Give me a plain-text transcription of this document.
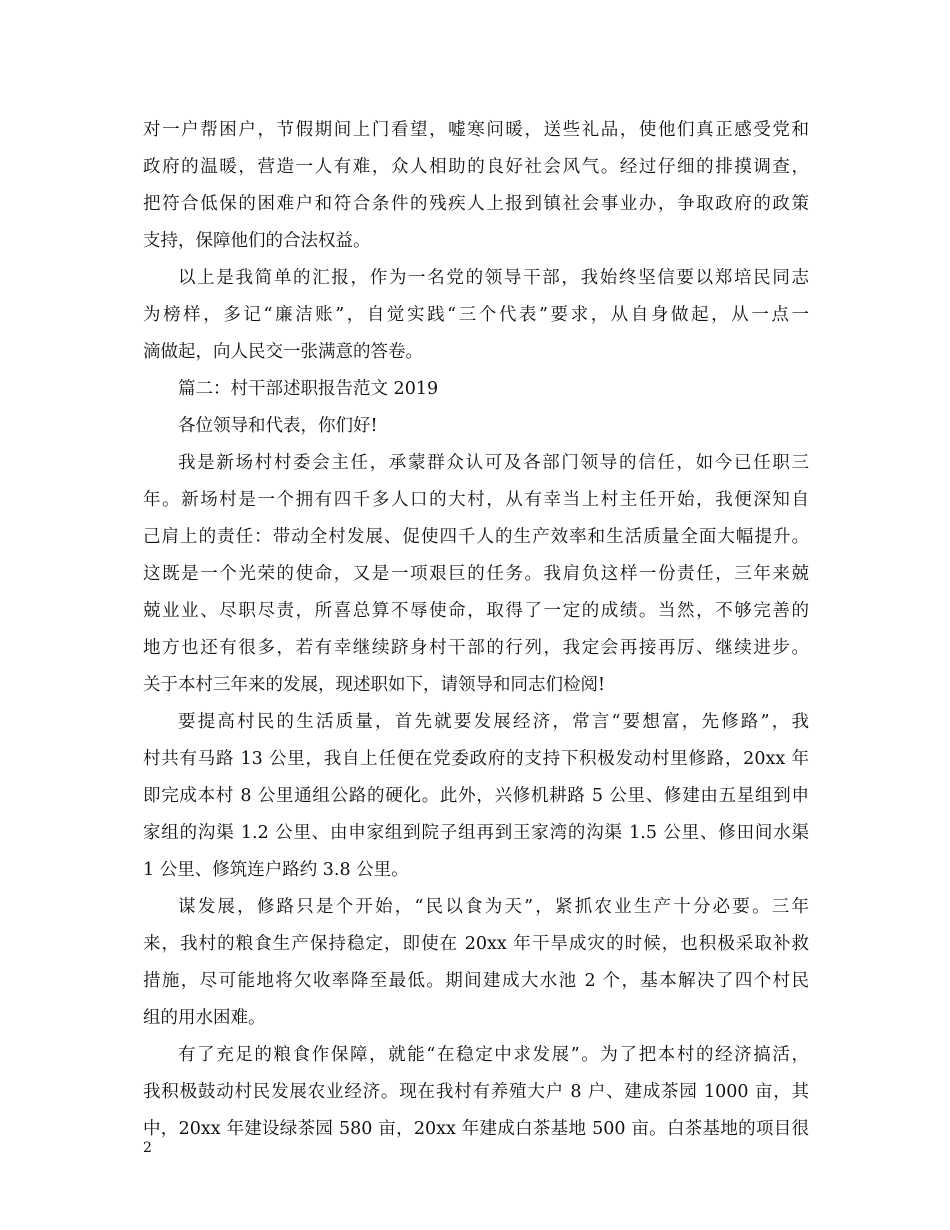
对一户帮困户，节假期间上门看望，嘘寒问暖，送些礼品，使他们真正感受党和
政府的温暖，营造一人有难，众人相助的良好社会风气。经过仔细的排摸调查，
把符合低保的困难户和符合条件的残疾人上报到镇社会事业办，争取政府的政策
支持，保障他们的合法权益。
以上是我简单的汇报，作为一名党的领导干部，我始终坚信要以郑培民同志
为榜样，多记“廉洁账”，自觉实践“三个代表”要求，从自身做起，从一点一
滴做起，向人民交一张满意的答卷。
篇二：村干部述职报告范文 2019
各位领导和代表，你们好!
我是新场村村委会主任，承蒙群众认可及各部门领导的信任，如今已任职三
年。新场村是一个拥有四千多人口的大村，从有幸当上村主任开始，我便深知自
己肩上的责任：带动全村发展、促使四千人的生产效率和生活质量全面大幅提升。
这既是一个光荣的使命，又是一项艰巨的任务。我肩负这样一份责任，三年来兢
兢业业、尽职尽责，所喜总算不辱使命，取得了一定的成绩。当然，不够完善的
地方也还有很多，若有幸继续跻身村干部的行列，我定会再接再厉、继续进步。
关于本村三年来的发展，现述职如下，请领导和同志们检阅!
要提高村民的生活质量，首先就要发展经济，常言“要想富，先修路”，我
村共有马路 13 公里，我自上任便在党委政府的支持下积极发动村里修路，20xx 年
即完成本村 8 公里通组公路的硬化。此外，兴修机耕路 5 公里、修建由五星组到申
家组的沟渠 1.2 公里、由申家组到院子组再到王家湾的沟渠 1.5 公里、修田间水渠
1 公里、修筑连户路约 3.8 公里。
谋发展，修路只是个开始，“民以食为天”，紧抓农业生产十分必要。三年
来，我村的粮食生产保持稳定，即使在 20xx 年干旱成灾的时候，也积极采取补救
措施，尽可能地将欠收率降至最低。期间建成大水池 2 个，基本解决了四个村民
组的用水困难。
有了充足的粮食作保障，就能“在稳定中求发展”。为了把本村的经济搞活，
我积极鼓动村民发展农业经济。现在我村有养殖大户 8 户、建成茶园 1000 亩，其
中，20xx 年建设绿茶园 580 亩，20xx 年建成白茶基地 500 亩。白茶基地的项目很
2
